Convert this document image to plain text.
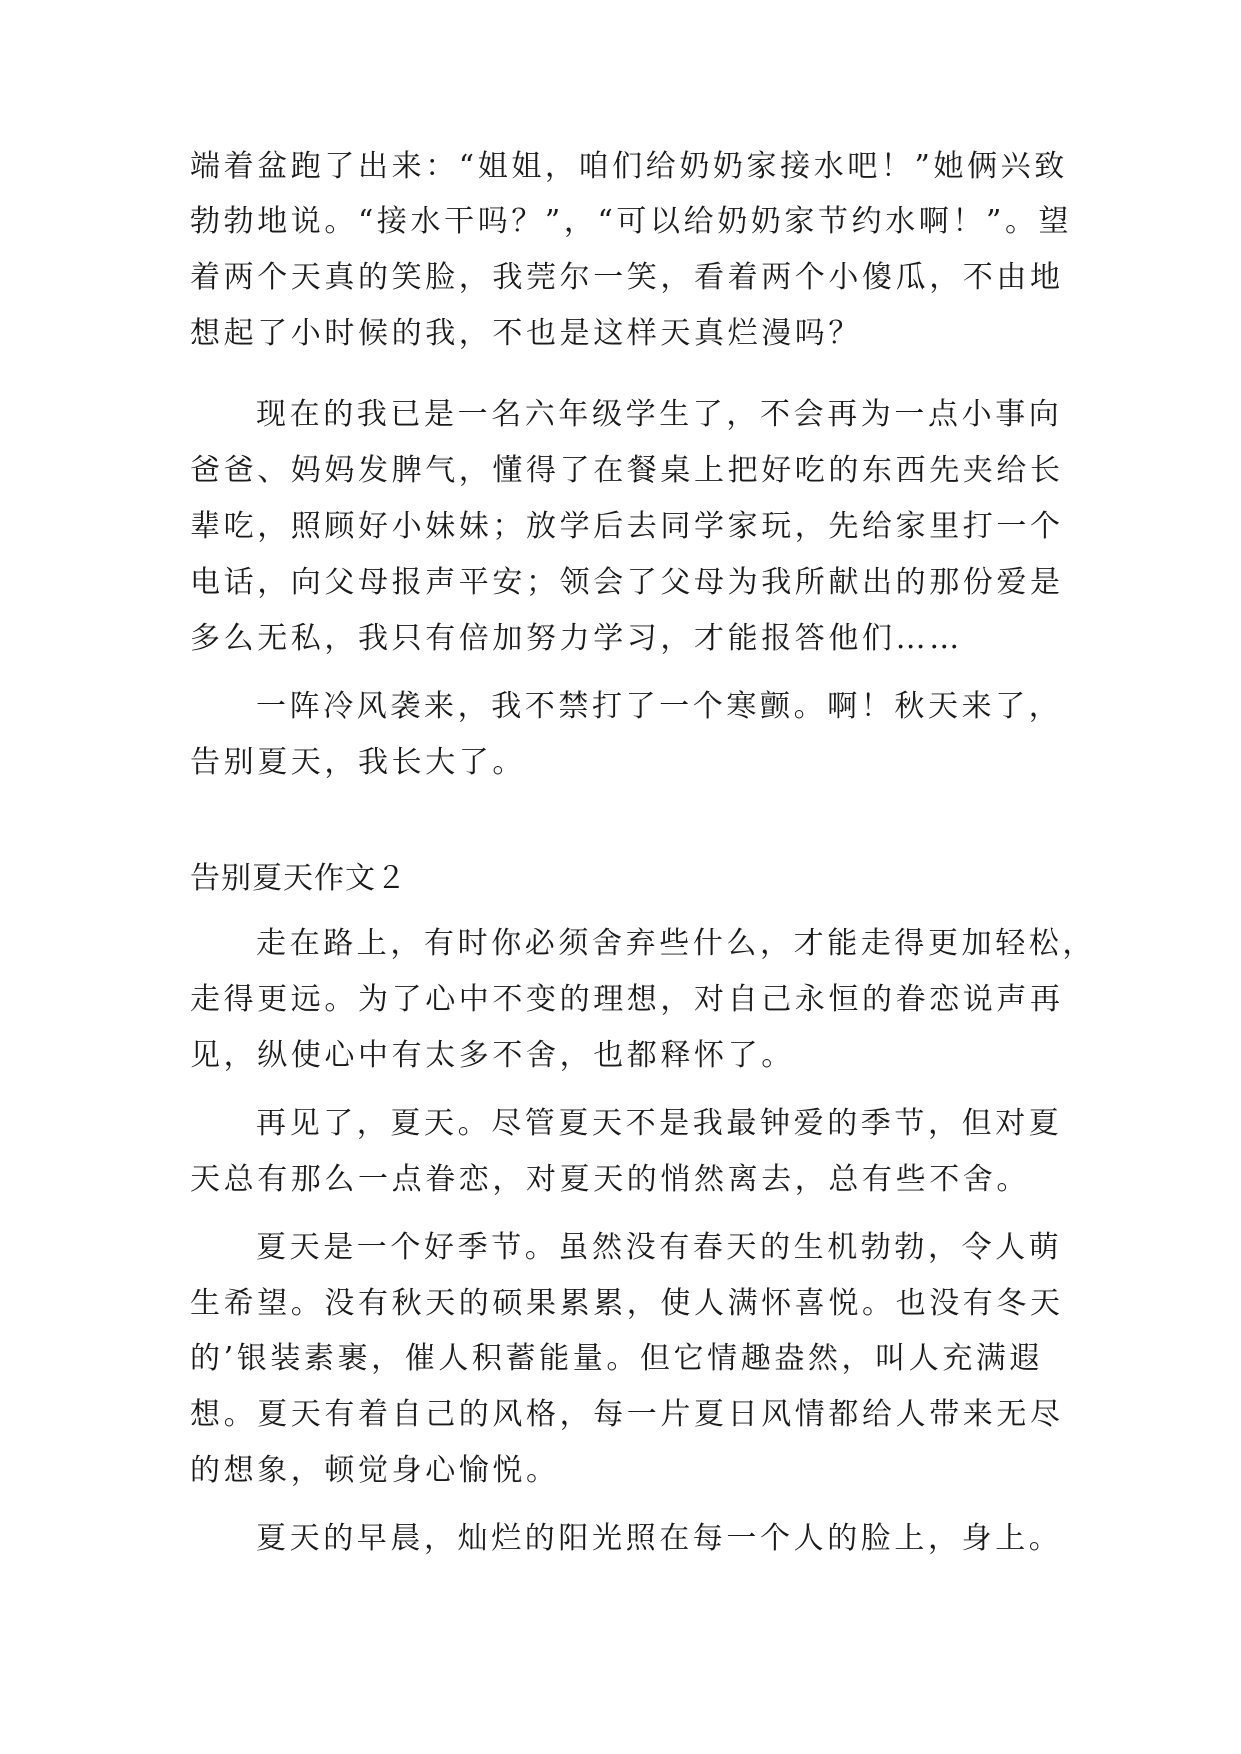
端着盆跑了出来：“姐姐，咱们给奶奶家接水吧！”她俩兴致
勃勃地说。“接水干吗？”，“可以给奶奶家节约水啊！”。望
着两个天真的笑脸，我莞尔一笑，看着两个小傻瓜，不由地
想起了小时候的我，不也是这样天真烂漫吗？
现在的我已是一名六年级学生了，不会再为一点小事向
爸爸、妈妈发脾气，懂得了在餐桌上把好吃的东西先夹给长
辈吃，照顾好小妹妹；放学后去同学家玩，先给家里打一个
电话，向父母报声平安；领会了父母为我所献出的那份爱是
多么无私，我只有倍加努力学习，才能报答他们……
一阵冷风袭来，我不禁打了一个寒颤。啊！秋天来了，
告别夏天，我长大了。
告别夏天作文２
走在路上，有时你必须舍弃些什么，才能走得更加轻松，
走得更远。为了心中不变的理想，对自己永恒的眷恋说声再
见，纵使心中有太多不舍，也都释怀了。
再见了，夏天。尽管夏天不是我最钟爱的季节，但对夏
天总有那么一点眷恋，对夏天的悄然离去，总有些不舍。
夏天是一个好季节。虽然没有春天的生机勃勃，令人萌
生希望。没有秋天的硕果累累，使人满怀喜悦。也没有冬天
的’银装素裹，催人积蓄能量。但它情趣盎然，叫人充满遐
想。夏天有着自己的风格，每一片夏日风情都给人带来无尽
的想象，顿觉身心愉悦。
夏天的早晨，灿烂的阳光照在每一个人的脸上，身上。
